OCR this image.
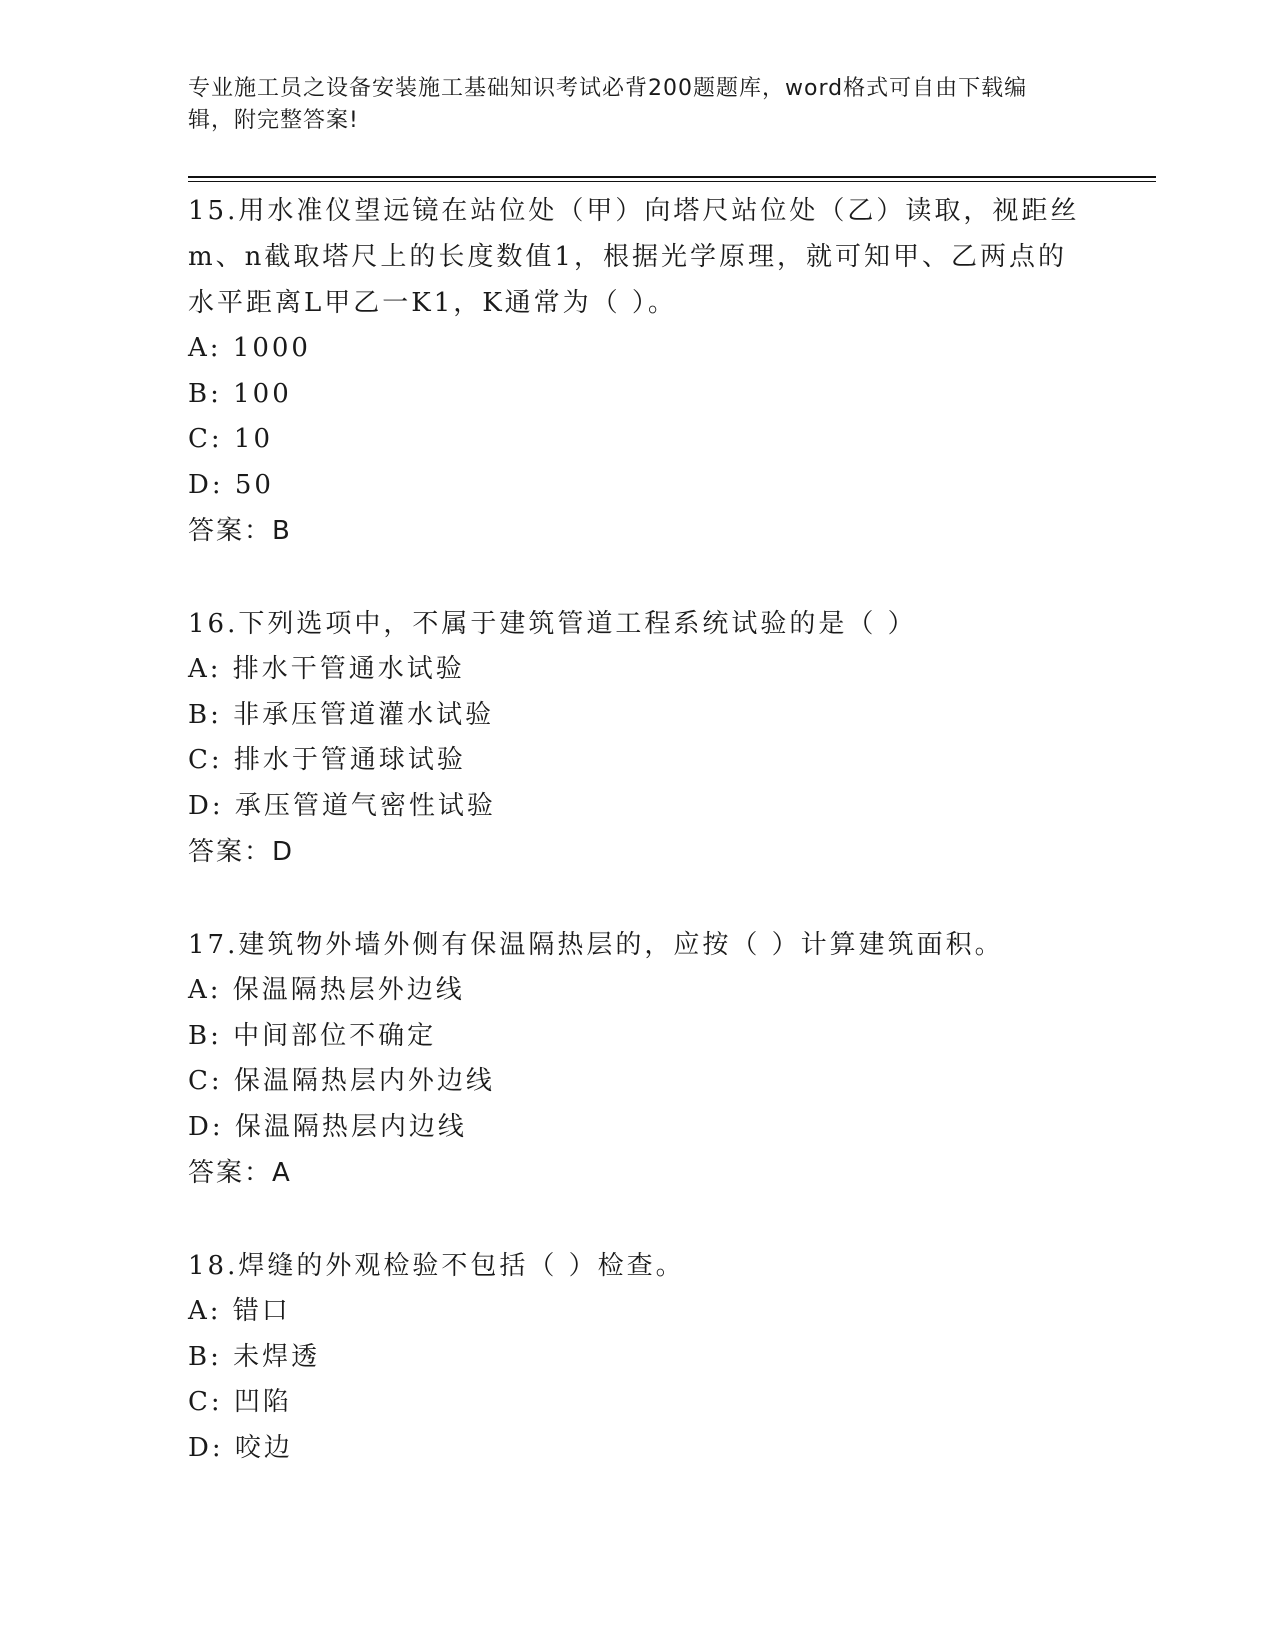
专业施工员之设备安装施工基础知识考试必背200题题库，word格式可自由下载编辑，附完整答案!

15.用水准仪望远镜在站位处（甲）向塔尺站位处（乙）读取，视距丝m、n截取塔尺上的长度数值1，根据光学原理，就可知甲、乙两点的水平距离L甲乙一K1，K通常为（ ）。

A: 1000

B: 100

C: 10

D: 50

答案：B

16.下列选项中，不属于建筑管道工程系统试验的是（ ）

A: 排水干管通水试验

B: 非承压管道灌水试验

C: 排水于管通球试验

D: 承压管道气密性试验

答案：D

17.建筑物外墙外侧有保温隔热层的，应按（ ）计算建筑面积。

A: 保温隔热层外边线

B: 中间部位不确定

C: 保温隔热层内外边线

D: 保温隔热层内边线

答案：A

18.焊缝的外观检验不包括（ ）检查。

A: 错口

B: 未焊透

C: 凹陷

D: 咬边
